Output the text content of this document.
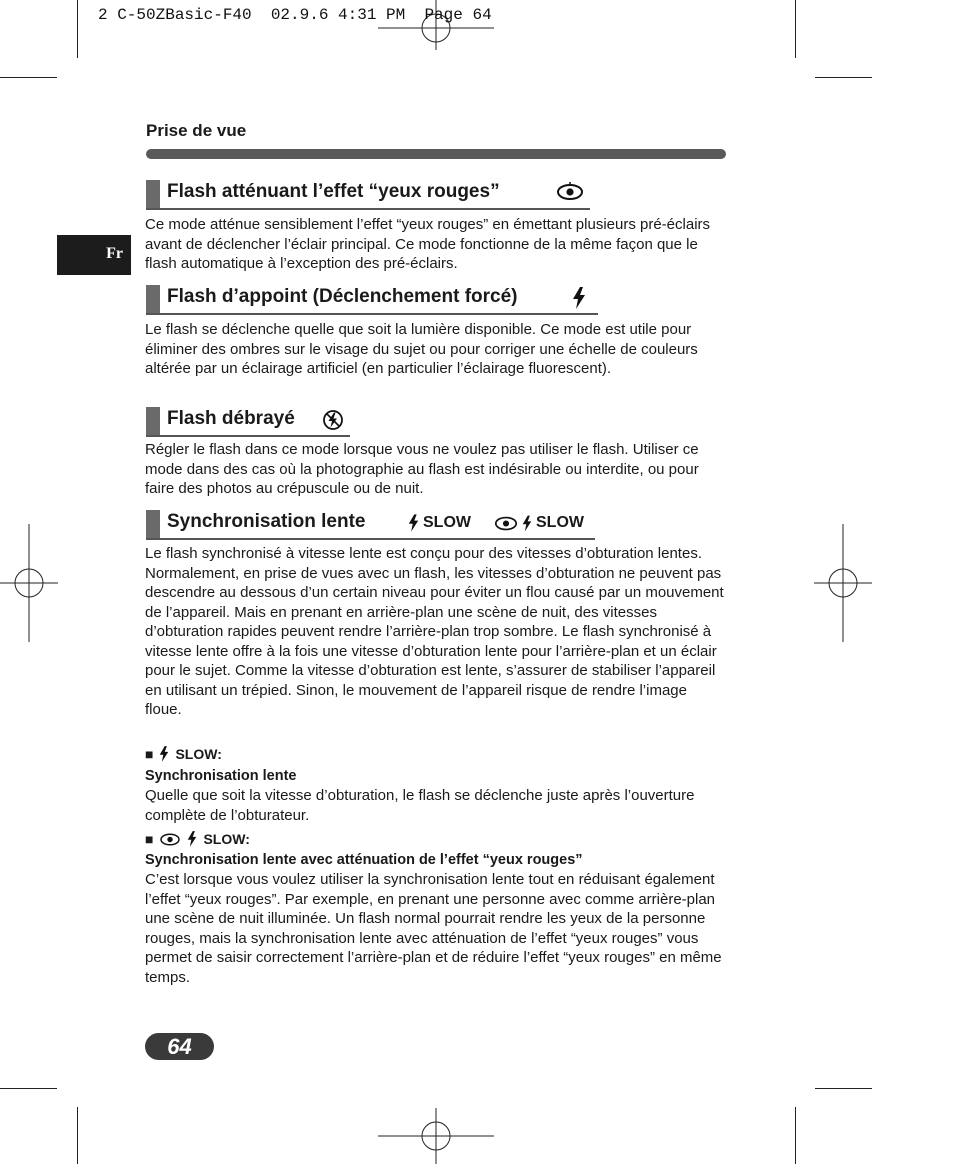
2 C-50ZBasic-F40 02.9.6 4:31 PM Page 64
Prise de vue
Fr
Flash atténuant l’effet “yeux rouges”

Ce mode atténue sensiblement l’effet “yeux rouges” en émettant plusieurs pré-éclairs avant de déclencher l’éclair principal. Ce mode fonctionne de la même façon que le flash automatique à l’exception des pré-éclairs.

Flash d’appoint (Déclenchement forcé)

Le flash se déclenche quelle que soit la lumière disponible. Ce mode est utile pour éliminer des ombres sur le visage du sujet ou pour corriger une échelle de couleurs altérée par un éclairage artificiel (en particulier l’éclairage fluorescent).

Flash débrayé

Régler le flash dans ce mode lorsque vous ne voulez pas utiliser le flash. Utiliser ce mode dans des cas où la photographie au flash est indésirable ou interdite, ou pour faire des photos au crépuscule ou de nuit.

Synchronisation lente	SLOW	SLOW

Le flash synchronisé à vitesse lente est conçu pour des vitesses d’obturation lentes. Normalement, en prise de vues avec un flash, les vitesses d’obturation ne peuvent pas descendre au dessous d’un certain niveau pour éviter un flou causé par un mouvement de l’appareil. Mais en prenant en arrière-plan une scène de nuit, des vitesses d’obturation rapides peuvent rendre l’arrière-plan trop sombre. Le flash synchronisé à vitesse lente offre à la fois une vitesse d’obturation lente pour l’arrière-plan et un éclair pour le sujet. Comme la vitesse d’obturation est lente, s’assurer de stabiliser l’appareil en utilisant un trépied. Sinon, le mouvement de l’appareil risque de rendre l’image floue.

■ SLOW:
Synchronisation lente

Quelle que soit la vitesse d’obturation, le flash se déclenche juste après l’ouverture complète de l’obturateur.

■	SLOW:
Synchronisation lente avec atténuation de l’effet “yeux rouges”

C’est lorsque vous voulez utiliser la synchronisation lente tout en réduisant également l’effet “yeux rouges”. Par exemple, en prenant une personne avec comme arrière-plan une scène de nuit illuminée. Un flash normal pourrait rendre les yeux de la personne rouges, mais la synchronisation lente avec atténuation de l’effet “yeux rouges” vous permet de saisir correctement l’arrière-plan et de réduire l’effet “yeux rouges” en même temps.

64
